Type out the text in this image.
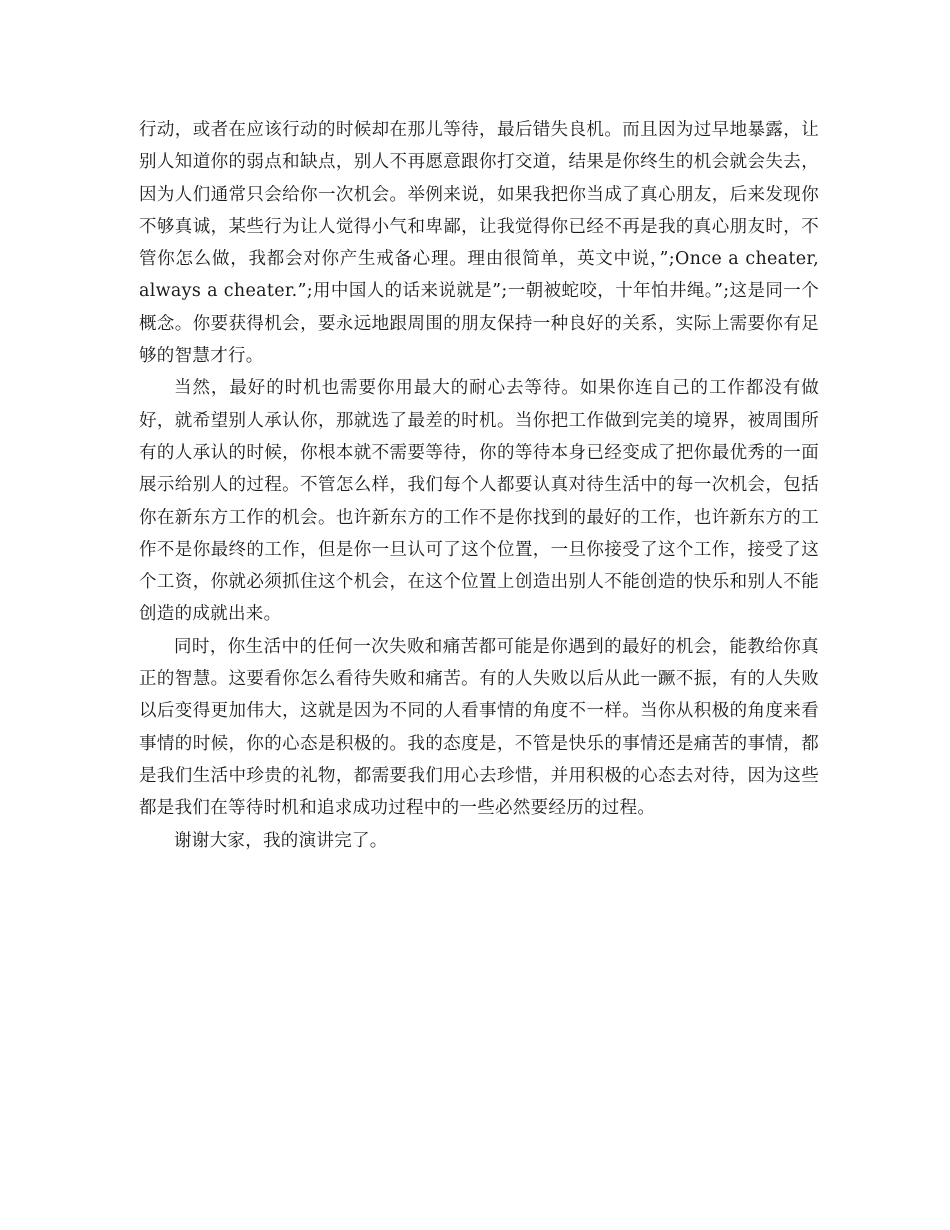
行动，或者在应该行动的时候却在那儿等待，最后错失良机。而且因为过早地暴露，让别人知道你的弱点和缺点，别人不再愿意跟你打交道，结果是你终生的机会就会失去，因为人们通常只会给你一次机会。举例来说，如果我把你当成了真心朋友，后来发现你不够真诚，某些行为让人觉得小气和卑鄙，让我觉得你已经不再是我的真心朋友时，不管你怎么做，我都会对你产生戒备心理。理由很简单，英文中说，”;Once a cheater, always a cheater.”;用中国人的话来说就是”;一朝被蛇咬，十年怕井绳。”;这是同一个概念。你要获得机会，要永远地跟周围的朋友保持一种良好的关系，实际上需要你有足够的智慧才行。

当然，最好的时机也需要你用最大的耐心去等待。如果你连自己的工作都没有做好，就希望别人承认你，那就选了最差的时机。当你把工作做到完美的境界，被周围所有的人承认的时候，你根本就不需要等待，你的等待本身已经变成了把你最优秀的一面展示给别人的过程。不管怎么样，我们每个人都要认真对待生活中的每一次机会，包括你在新东方工作的机会。也许新东方的工作不是你找到的最好的工作，也许新东方的工作不是你最终的工作，但是你一旦认可了这个位置，一旦你接受了这个工作，接受了这个工资，你就必须抓住这个机会，在这个位置上创造出别人不能创造的快乐和别人不能创造的成就出来。

同时，你生活中的任何一次失败和痛苦都可能是你遇到的最好的机会，能教给你真正的智慧。这要看你怎么看待失败和痛苦。有的人失败以后从此一蹶不振，有的人失败以后变得更加伟大，这就是因为不同的人看事情的角度不一样。当你从积极的角度来看事情的时候，你的心态是积极的。我的态度是，不管是快乐的事情还是痛苦的事情，都是我们生活中珍贵的礼物，都需要我们用心去珍惜，并用积极的心态去对待，因为这些都是我们在等待时机和追求成功过程中的一些必然要经历的过程。

谢谢大家，我的演讲完了。
